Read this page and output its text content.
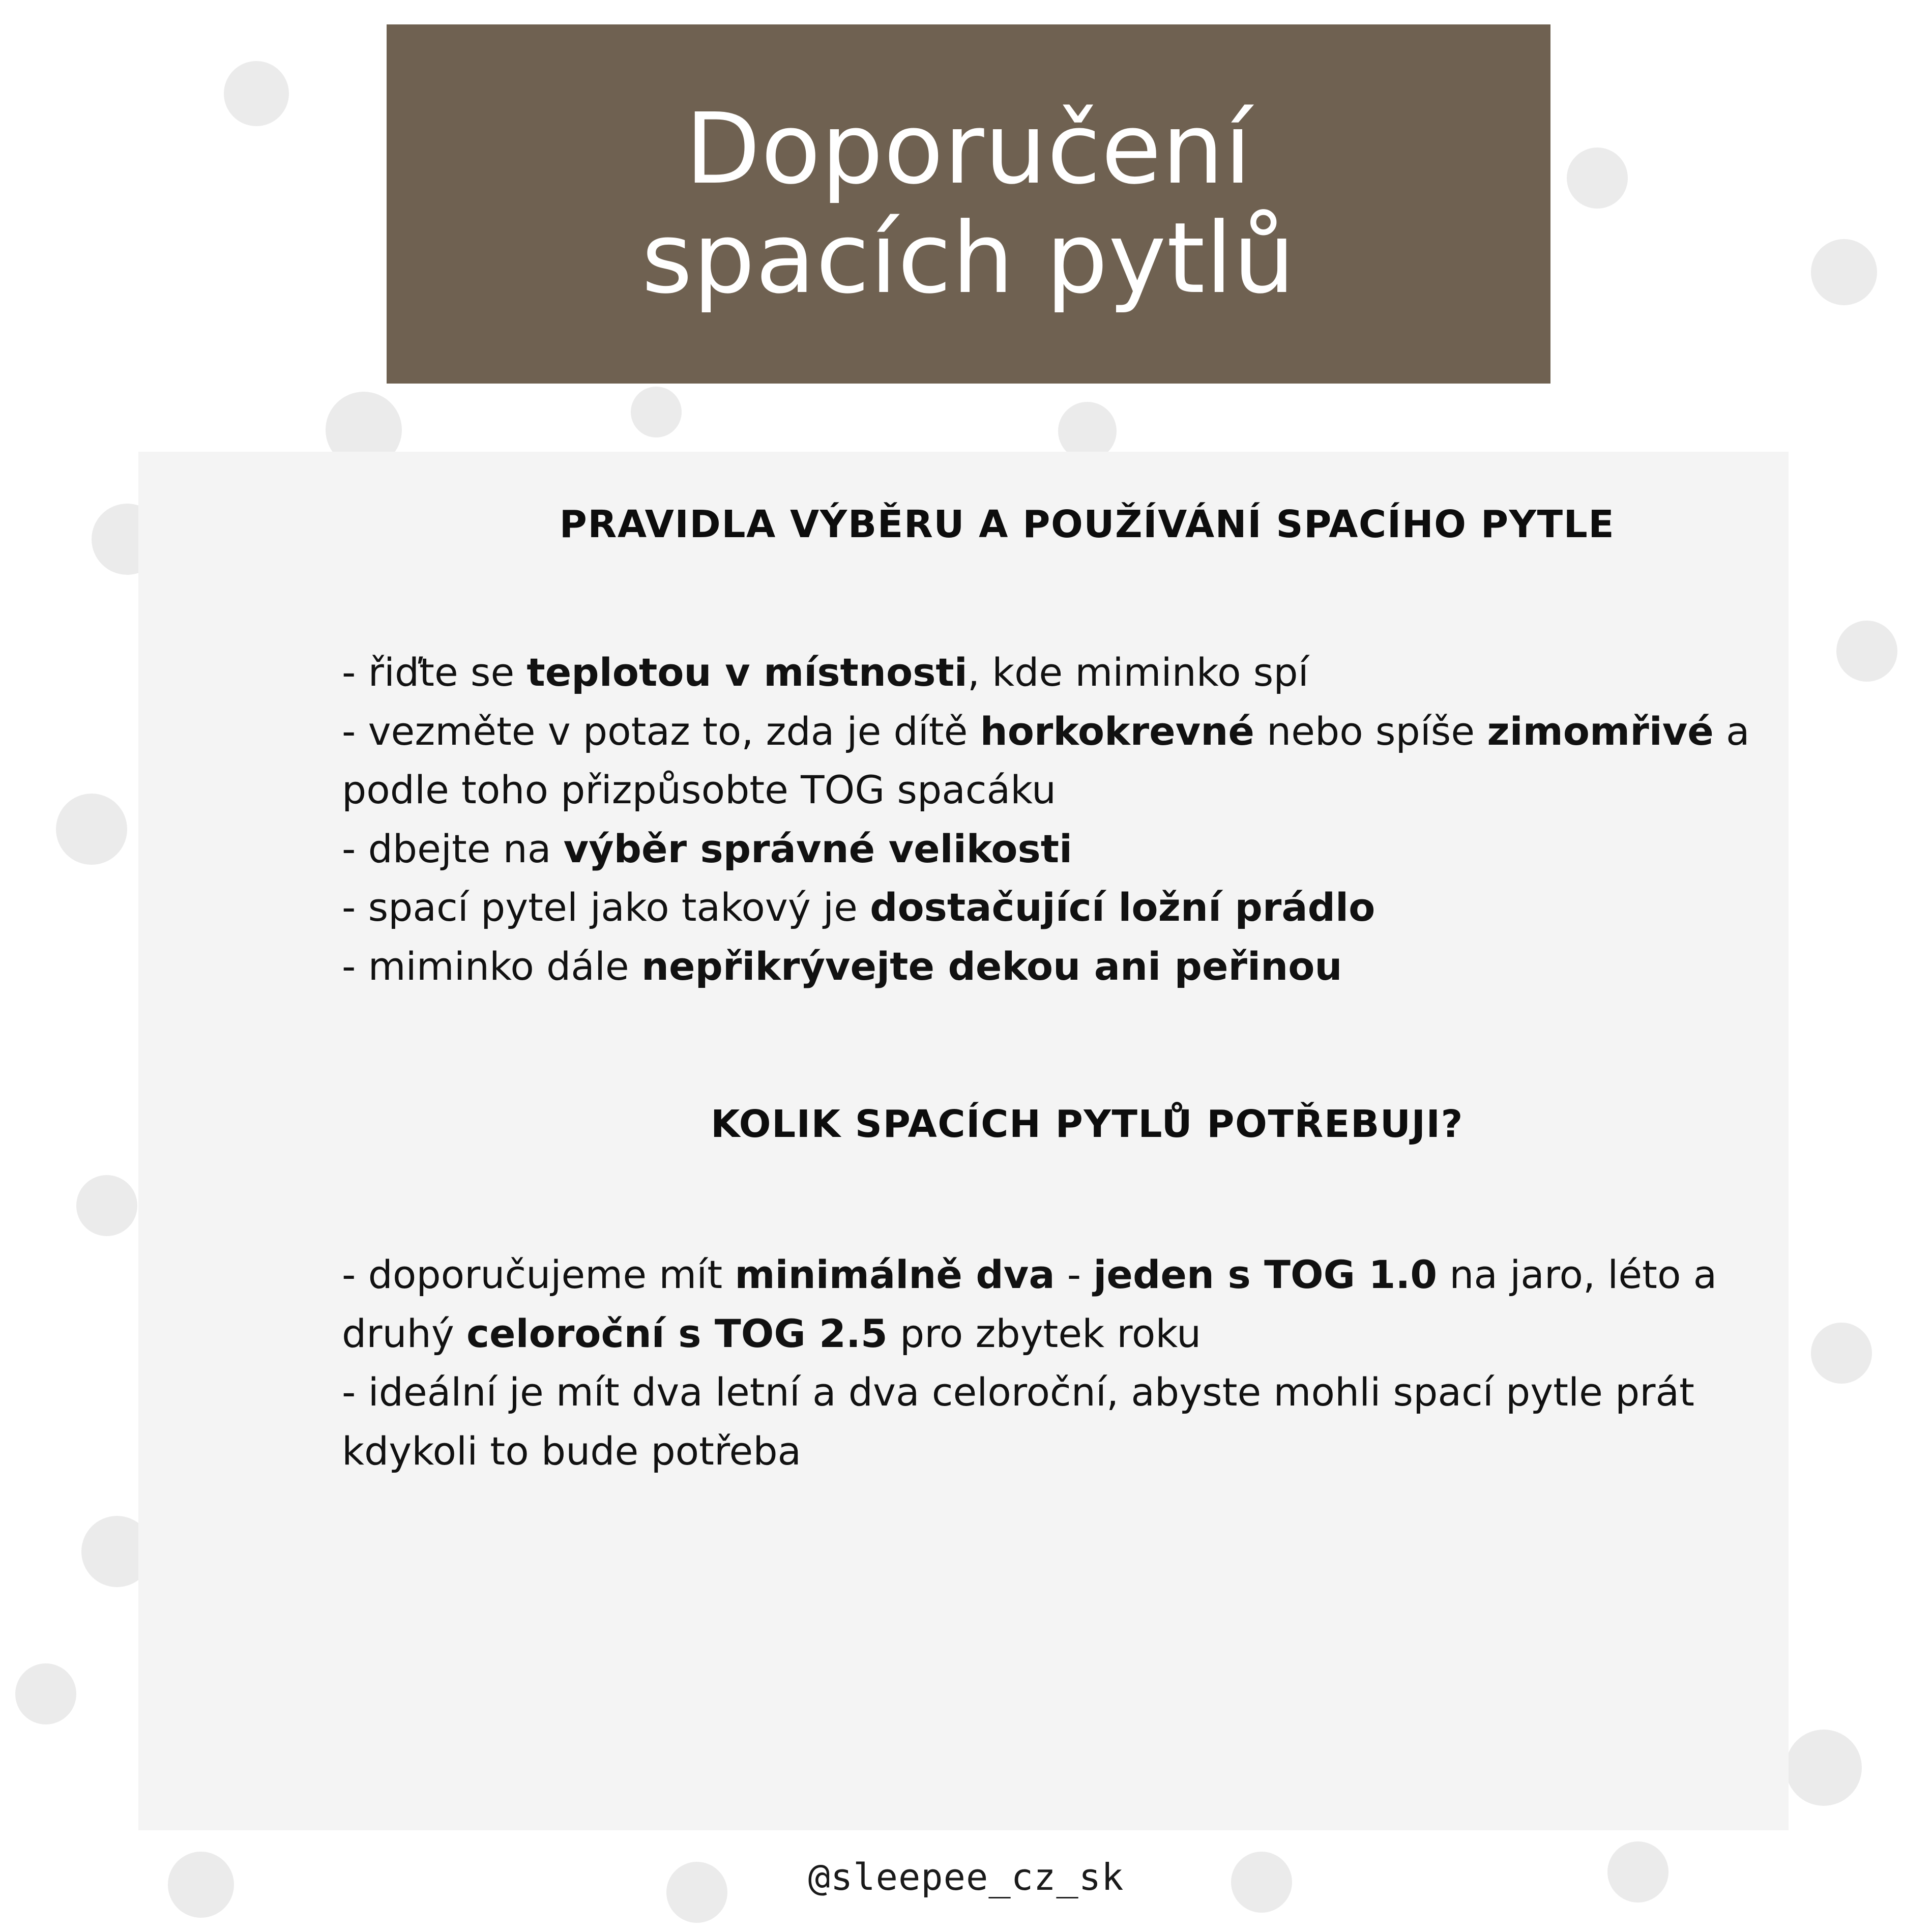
Doporučení
spacích pytlů
PRAVIDLA VÝBĚRU A POUŽÍVÁNÍ SPACÍHO PYTLE

- řiďte se teplotou v místnosti, kde miminko spí

- vezměte v potaz to, zda je dítě horkokrevné nebo spíše zimomřivé a podle toho přizpůsobte TOG spacáku

- dbejte na výběr správné velikosti

- spací pytel jako takový je dostačující ložní prádlo

- miminko dále nepřikrývejte dekou ani peřinou

KOLIK SPACÍCH PYTLŮ POTŘEBUJI?

- doporučujeme mít minimálně dva - jeden s TOG 1.0 na jaro, léto a druhý celoroční s TOG 2.5 pro zbytek roku

- ideální je mít dva letní a dva celoroční, abyste mohli spací pytle prát kdykoli to bude potřeba

@sleepee_cz_sk
